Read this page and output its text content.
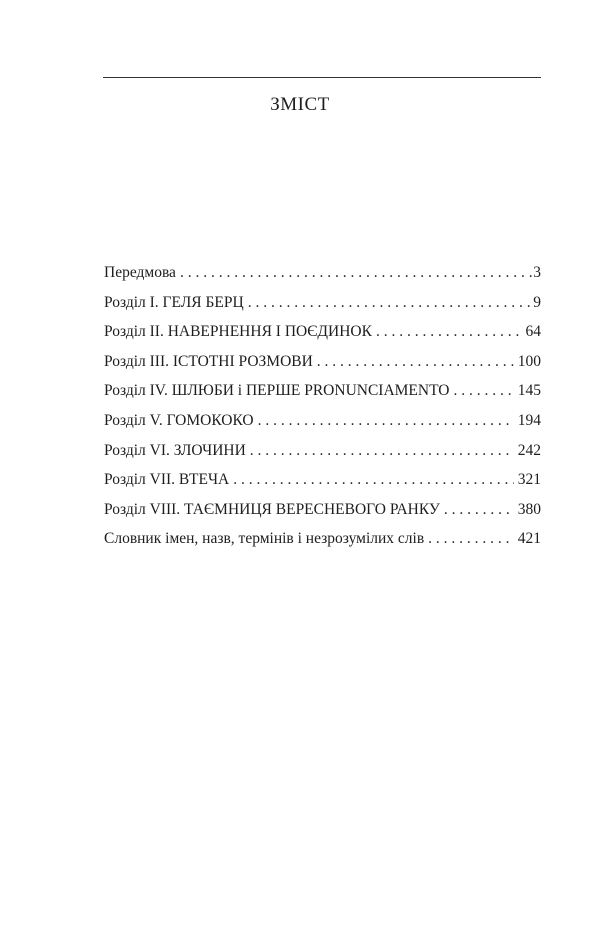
ЗМІСТ
Передмова . . .	3
Розділ I. ГЕЛЯ БЕРЦ . . .	9
Розділ II. НАВЕРНЕННЯ І ПОЄДИНОК . . .	64
Розділ III. ІСТОТНІ РОЗМОВИ . . .	100
Розділ IV. ШЛЮБИ і ПЕРШЕ PRONUNCIAMENTO . . .	145
Розділ V. ГОМОКОКО . . .	194
Розділ VI. ЗЛОЧИНИ . . .	242
Розділ VII. ВТЕЧА . . .	321
Розділ VIII. ТАЄМНИЦЯ ВЕРЕСНЕВОГО РАНКУ . . .	380
Словник імен, назв, термінів і незрозумілих слів . . .	421
